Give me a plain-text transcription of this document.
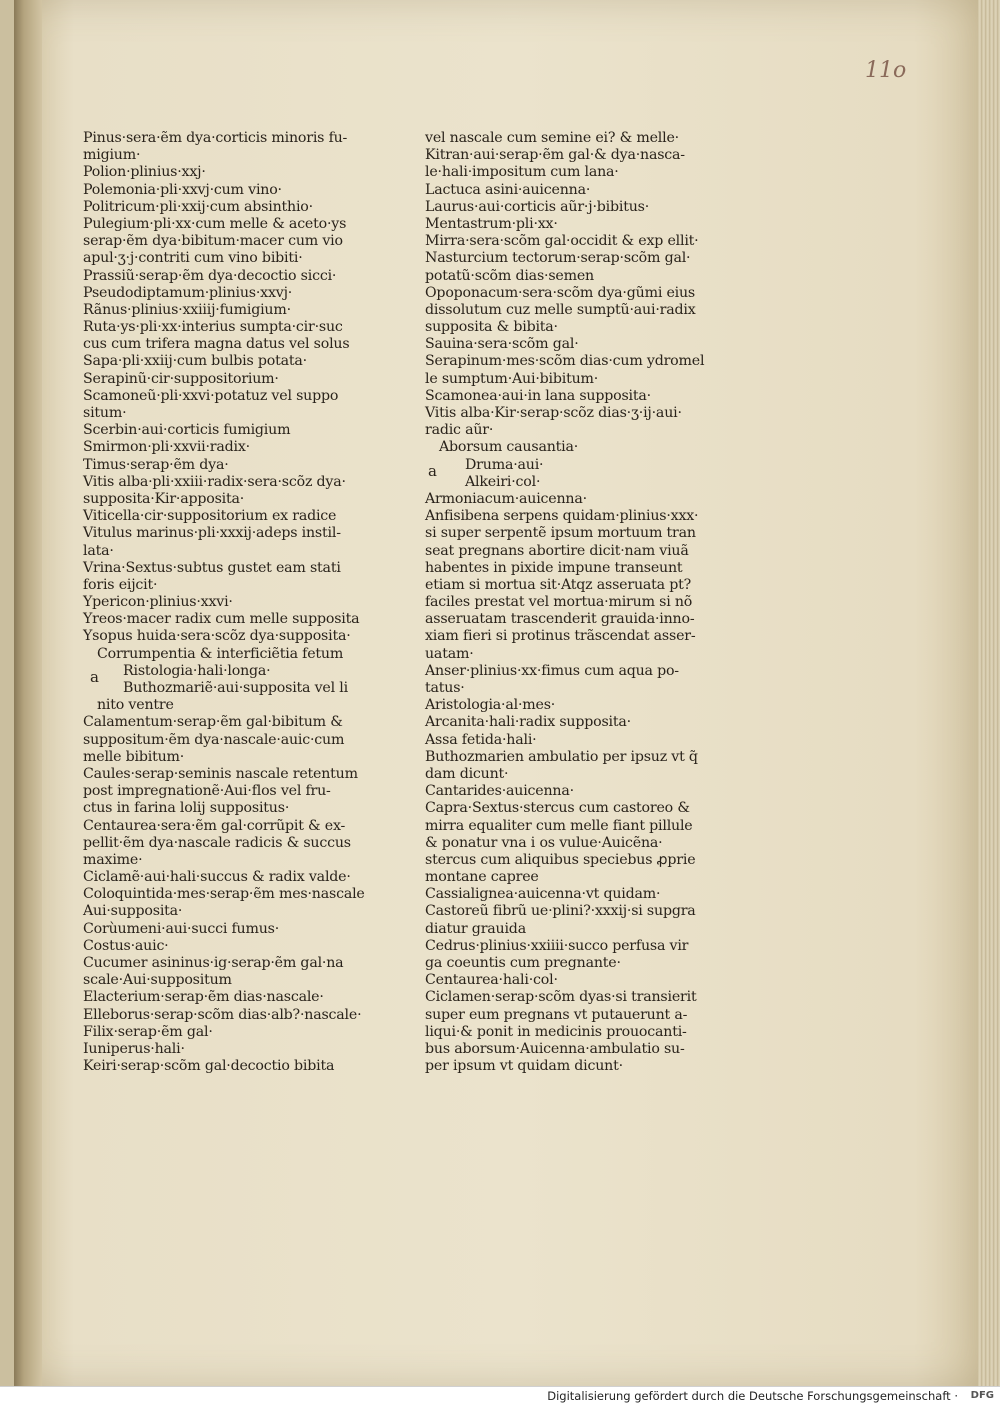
11o
Pinus·sera·ẽm dya·corticis minoris fu-
migium·
Polion·plinius·xxj·
Polemonia·pli·xxvj·cum vino·
Politricum·pli·xxij·cum absinthio·
Pulegium·pli·xx·cum melle & aceto·ys
serap·ẽm dya·bibitum·macer cum vio
apul·ʒ·j·contriti cum vino bibiti·
Prassiũ·serap·ẽm dya·decoctio sicci·
Pseudodiptamum·plinius·xxvj·
Rãnus·plinius·xxiiij·fumigium·
Ruta·ys·pli·xx·interius sumpta·cir·suc
cus cum trifera magna datus vel solus
Sapa·pli·xxiij·cum bulbis potata·
Serapinũ·cir·suppositorium·
Scamoneũ·pli·xxvi·potatuz vel suppo
situm·
Scerbin·aui·corticis fumigium
Smirmon·pli·xxvii·radix·
Timus·serap·ẽm dya·
Vitis alba·pli·xxiii·radix·sera·scõz dya·
supposita·Kir·apposita·
Viticella·cir·suppositorium ex radice
Vitulus marinus·pli·xxxij·adeps instil-
lata·
Vrina·Sextus·subtus gustet eam stati
foris eijcit·
Ypericon·plinius·xxvi·
Yreos·macer radix cum melle supposita
Ysopus huida·sera·scõz dya·supposita·
Corrumpentia & interficiẽtia fetum
Ristologia·hali·longa·
Buthozmariẽ·aui·supposita vel li
nito ventre
Calamentum·serap·ẽm gal·bibitum &
suppositum·ẽm dya·nascale·auic·cum
melle bibitum·
Caules·serap·seminis nascale retentum
post impregnationẽ·Aui·flos vel fru-
ctus in farina lolij suppositus·
Centaurea·sera·ẽm gal·corrũpit & ex-
pellit·ẽm dya·nascale radicis & succus
maxime·
Ciclamẽ·aui·hali·succus & radix valde·
Coloquintida·mes·serap·ẽm mes·nascale
Aui·supposita·
Corùumeni·aui·succi fumus·
Costus·auic·
Cucumer asininus·ig·serap·ẽm gal·na
scale·Aui·suppositum
Elacterium·serap·ẽm dias·nascale·
Elleborus·serap·scõm dias·alb?·nascale·
Filix·serap·ẽm gal·
Iuniperus·hali·
Keiri·serap·scõm gal·decoctio bibita
vel nascale cum semine ei? & melle·
Kitran·aui·serap·ẽm gal·& dya·nasca-
le·hali·impositum cum lana·
Lactuca asini·auicenna·
Laurus·aui·corticis aũr·j·bibitus·
Mentastrum·pli·xx·
Mirra·sera·scõm gal·occidit & exp ellit·
Nasturcium tectorum·serap·scõm gal·
potatũ·scõm dias·semen
Opoponacum·sera·scõm dya·gũmi eius
dissolutum cuz melle sumptũ·aui·radix
supposita & bibita·
Sauina·sera·scõm gal·
Serapinum·mes·scõm dias·cum ydromel
le sumptum·Aui·bibitum·
Scamonea·aui·in lana supposita·
Vitis alba·Kir·serap·scõz dias·ʒ·ij·aui·
radic aũr·
Aborsum causantia·
Druma·aui·
Alkeiri·col·
Armoniacum·auicenna·
Anfisibena serpens quidam·plinius·xxx·
si super serpentẽ ipsum mortuum tran
seat pregnans abortire dicit·nam viuã
habentes in pixide impune transeunt
etiam si mortua sit·Atqz asseruata pt?
faciles prestat vel mortua·mirum si nõ
asseruatam trascenderit grauida·inno-
xiam fieri si protinus trãscendat asser-
uatam·
Anser·plinius·xx·fimus cum aqua po-
tatus·
Aristologia·al·mes·
Arcanita·hali·radix supposita·
Assa fetida·hali·
Buthozmarien ambulatio per ipsuz vt q̃
dam dicunt·
Cantarides·auicenna·
Capra·Sextus·stercus cum castoreo &
mirra equaliter cum melle fiant pillule
& ponatur vna i os vulue·Auicẽna·
stercus cum aliquibus speciebus ꝓprie
montane capree
Cassialignea·auicenna·vt quidam·
Castoreũ fibrũ ue·plini?·xxxij·si supgra
diatur grauida
Cedrus·plinius·xxiiii·succo perfusa vir
ga coeuntis cum pregnante·
Centaurea·hali·col·
Ciclamen·serap·scõm dyas·si transierit
super eum pregnans vt putauerunt a-
liqui·& ponit in medicinis prouocanti-
bus aborsum·Auicenna·ambulatio su-
per ipsum vt quidam dicunt·
a
a
Digitalisierung gefördert durch die Deutsche Forschungsgemeinschaft · DFG
